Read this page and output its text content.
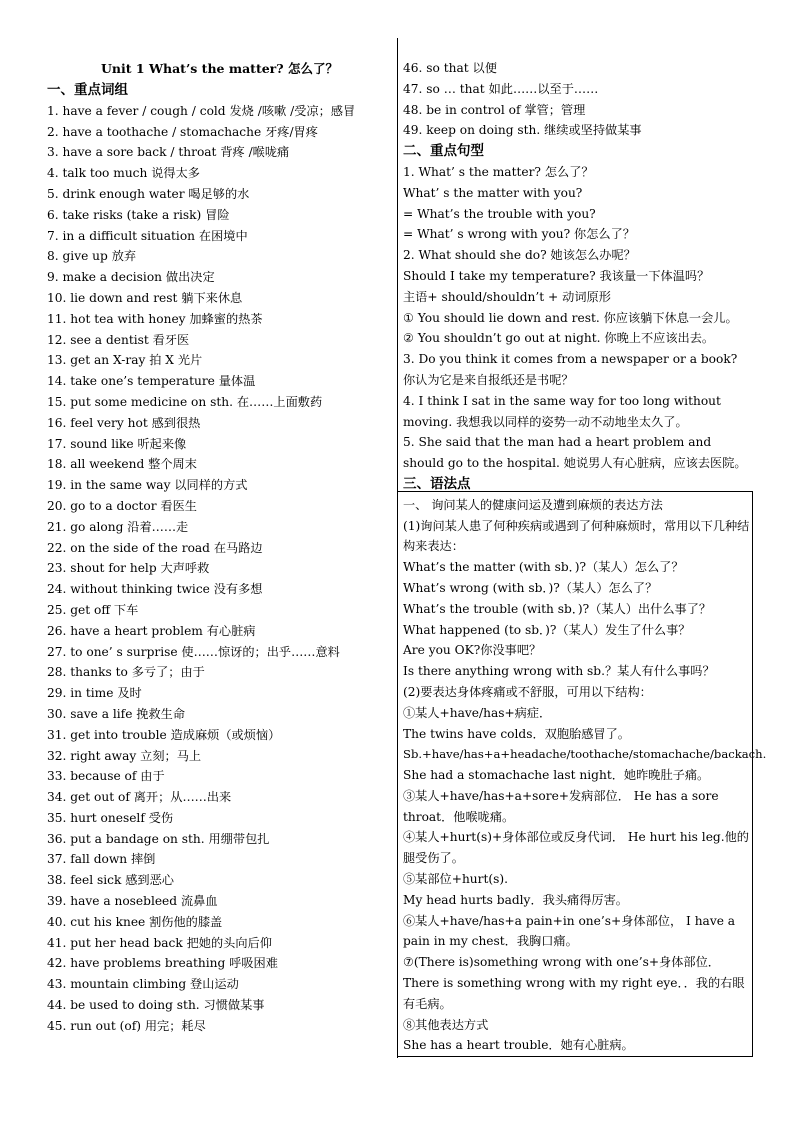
Unit 1 What’s the matter? 怎么了？
一、重点词组
1. have a fever / cough / cold 发烧 /咳嗽 /受凉；感冒
2. have a toothache / stomachache 牙疼/胃疼
3. have a sore back / throat 背疼 /喉咙痛
4. talk too much 说得太多
5. drink enough water 喝足够的水
6. take risks (take a risk) 冒险
7. in a difficult situation 在困境中
8. give up 放弃
9. make a decision 做出决定
10. lie down and rest 躺下来休息
11. hot tea with honey 加蜂蜜的热茶
12. see a dentist 看牙医
13. get an X-ray 拍 X 光片
14. take one’s temperature 量体温
15. put some medicine on sth. 在……上面敷药
16. feel very hot 感到很热
17. sound like 听起来像
18. all weekend 整个周末
19. in the same way 以同样的方式
20. go to a doctor 看医生
21. go along 沿着……走
22. on the side of the road 在马路边
23. shout for help 大声呼救
24. without thinking twice 没有多想
25. get off 下车
26. have a heart problem 有心脏病
27. to one’ s surprise 使……惊讶的；出乎……意料
28. thanks to 多亏了；由于
29. in time 及时
30. save a life 挽救生命
31. get into trouble 造成麻烦（或烦恼）
32. right away 立刻；马上
33. because of 由于
34. get out of 离开；从……出来
35. hurt oneself 受伤
36. put a bandage on sth. 用绷带包扎
37. fall down 摔倒
38. feel sick 感到恶心
39. have a nosebleed 流鼻血
40. cut his knee 割伤他的膝盖
41. put her head back 把她的头向后仰
42. have problems breathing 呼吸困难
43. mountain climbing 登山运动
44. be used to doing sth. 习惯做某事
45. run out (of) 用完；耗尽
46. so that 以便
47. so … that 如此……以至于……
48. be in control of 掌管；管理
49. keep on doing sth. 继续或坚持做某事
二、重点句型
1. What’ s the matter? 怎么了？
What’ s the matter with you?
= What’s the trouble with you?
= What’ s wrong with you? 你怎么了？
2. What should she do? 她该怎么办呢？
Should I take my temperature? 我该量一下体温吗？
主语+ should/shouldn’t + 动词原形
① You should lie down and rest. 你应该躺下休息一会儿。
② You shouldn’t go out at night. 你晚上不应该出去。
3. Do you think it comes from a newspaper or a book? 你认为它是来自报纸还是书呢？
4. I think I sat in the same way for too long without moving. 我想我以同样的姿势一动不动地坐太久了。
5. She said that the man had a heart problem and should go to the hospital. 她说男人有心脏病，应该去医院。
三、语法点
一、 询问某人的健康问运及遭到麻烦的表达方法
(1)询问某人患了何种疾病或遇到了何种麻烦时，常用以下几种结构来表达：
What’s the matter (with sb．)?（某人）怎么了？
What’s wrong (with sb．)?（某人）怎么了？
What’s the trouble (with sb．)?（某人）出什么事了？
What happened (to sb．)?（某人）发生了什么事？
Are you OK?你没事吧？
Is there anything wrong with sb.？某人有什么事吗？
(2)要表达身体疼痛或不舒服，可用以下结构：
①某人+have/has+病症．
The twins have colds．双胞胎感冒了。
Sb.+have/has+a+headache/toothache/stomachache/backach.
She had a stomachache last night．她昨晚肚子痛。
③某人+have/has+a+sore+发病部位． He has a sore throat．他喉咙痛。
④某人+hurt(s)+身体部位或反身代词． He hurt his leg.他的腿受伤了。
⑤某部位+hurt(s).
My head hurts badly．我头痛得厉害。
⑥某人+have/has+a pain+in one’s+身体部位， I have a pain in my chest．我胸口痛。
⑦(There is)something wrong with one’s+身体部位．
There is something wrong with my right eye．．我的右眼有毛病。
⑧其他表达方式
She has a heart trouble．她有心脏病。
